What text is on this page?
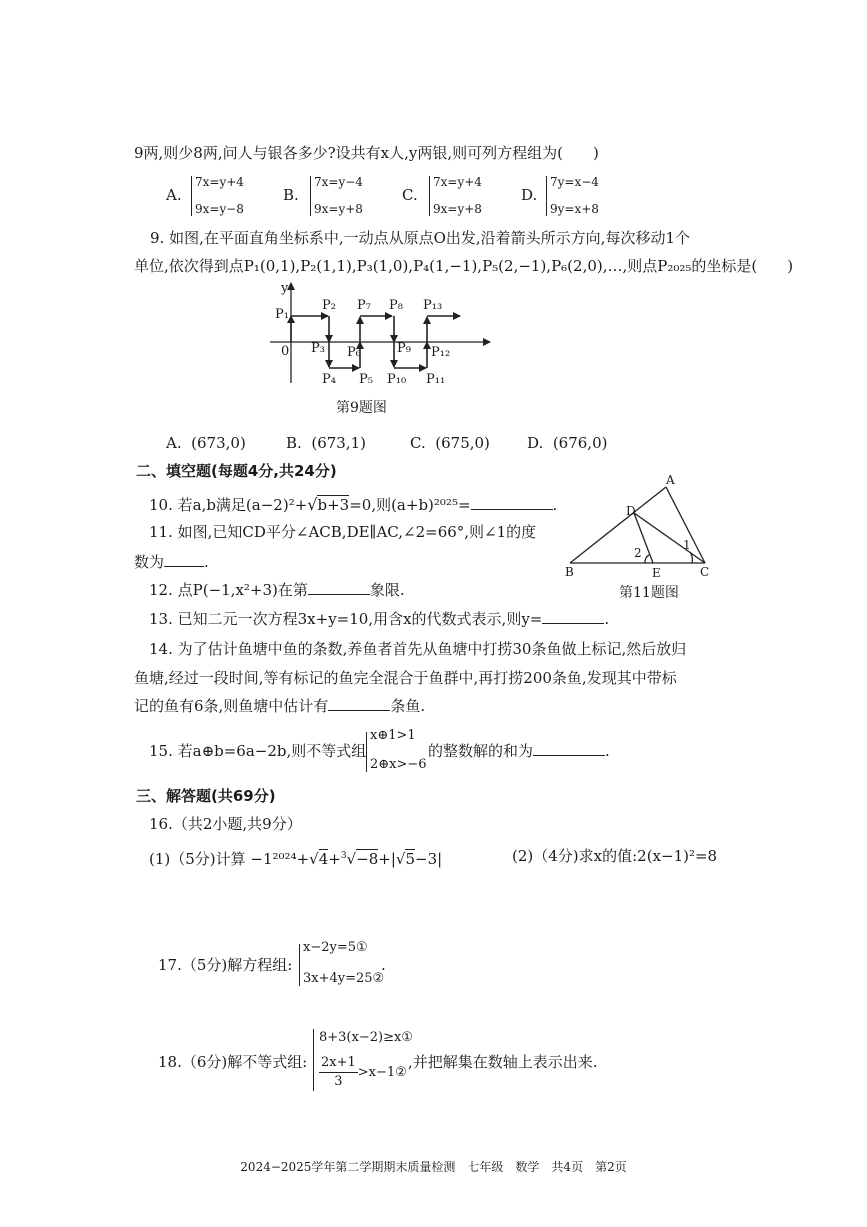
9两,则少8两,问人与银各多少?设共有x人,y两银,则可列方程组为(　　)
A.
7x=y+4
9x=y−8
B.
7x=y−4
9x=y+8
C.
7x=y+4
9x=y+8
D.
7y=x−4
9y=x+8
9. 如图,在平面直角坐标系中,一动点从原点O出发,沿着箭头所示方向,每次移动1个
单位,依次得到点P₁(0,1),P₂(1,1),P₃(1,0),P₄(1,−1),P₅(2,−1),P₆(2,0),…,则点P₂₀₂₅的坐标是(　　)
y
0
P₁
P₂
P₃
P₄ P₅
P₆
P₇ P₈
P₉
P₁₀ P₁₁
P₁₂
P₁₃
第9题图
A. (673,0)	B. (673,1)	C. (675,0) D. (676,0)
二、填空题(每题4分,共24分)
10. 若a,b满足(a−2)²+√b+3=0,则(a+b)²⁰²⁵=	.
11. 如图,已知CD平分∠ACB,DE∥AC,∠2=66°,则∠1的度
数为	.
A
B	C
D
E
1
2
第11题图
12. 点P(−1,x²+3)在第	象限.
13. 已知二元一次方程3x+y=10,用含x的代数式表示,则y=	.
14. 为了估计鱼塘中鱼的条数,养鱼者首先从鱼塘中打捞30条鱼做上标记,然后放归
鱼塘,经过一段时间,等有标记的鱼完全混合于鱼群中,再打捞200条鱼,发现其中带标
记的鱼有6条,则鱼塘中估计有	条鱼.
15. 若a⊕b=6a−2b,则不等式组
x⊕1>1
2⊕x>−6
的整数解的和为	.
三、解答题(共69分)
16.（共2小题,共9分）
(1)（5分)计算 −1²⁰²⁴+√4+$^3$√−8+|√5−3|	(2)（4分)求x的值:2(x−1)²=8
17.（5分)解方程组:
x−2y=5①
3x+4y=25②
.
18.（6分)解不等式组:
8+3(x−2)≥x①
2x+1
3
>x−1②
,并把解集在数轴上表示出来.
2024−2025学年第二学期期末质量检测　七年级　数学　共4页　第2页
